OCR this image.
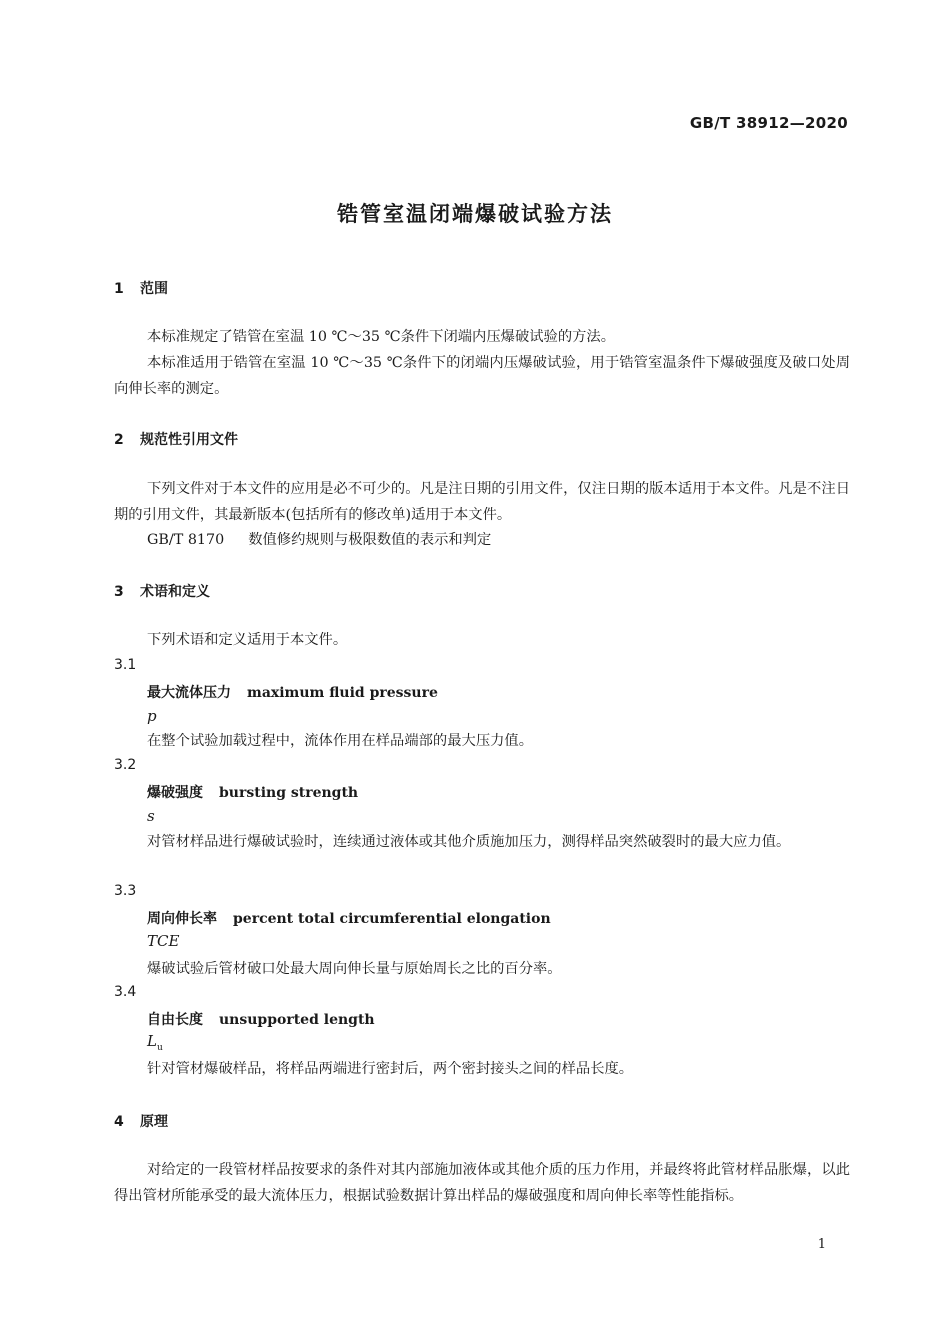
GB/T 38912—2020
锆管室温闭端爆破试验方法
1 范围
本标准规定了锆管在室温 10 ℃～35 ℃条件下闭端内压爆破试验的方法。
本标准适用于锆管在室温 10 ℃～35 ℃条件下的闭端内压爆破试验，用于锆管室温条件下爆破强度及破口处周向伸长率的测定。
2 规范性引用文件
下列文件对于本文件的应用是必不可少的。凡是注日期的引用文件，仅注日期的版本适用于本文件。凡是不注日期的引用文件，其最新版本(包括所有的修改单)适用于本文件。
GB/T 8170 数值修约规则与极限数值的表示和判定
3 术语和定义
下列术语和定义适用于本文件。
3.1
最大流体压力 maximum fluid pressure
p
在整个试验加载过程中，流体作用在样品端部的最大压力值。
3.2
爆破强度 bursting strength
s
对管材样品进行爆破试验时，连续通过液体或其他介质施加压力，测得样品突然破裂时的最大应力值。
3.3
周向伸长率 percent total circumferential elongation
TCE
爆破试验后管材破口处最大周向伸长量与原始周长之比的百分率。
3.4
自由长度 unsupported length
$L_u$
针对管材爆破样品，将样品两端进行密封后，两个密封接头之间的样品长度。
4 原理
对给定的一段管材样品按要求的条件对其内部施加液体或其他介质的压力作用，并最终将此管材样品胀爆，以此得出管材所能承受的最大流体压力，根据试验数据计算出样品的爆破强度和周向伸长率等性能指标。
1
